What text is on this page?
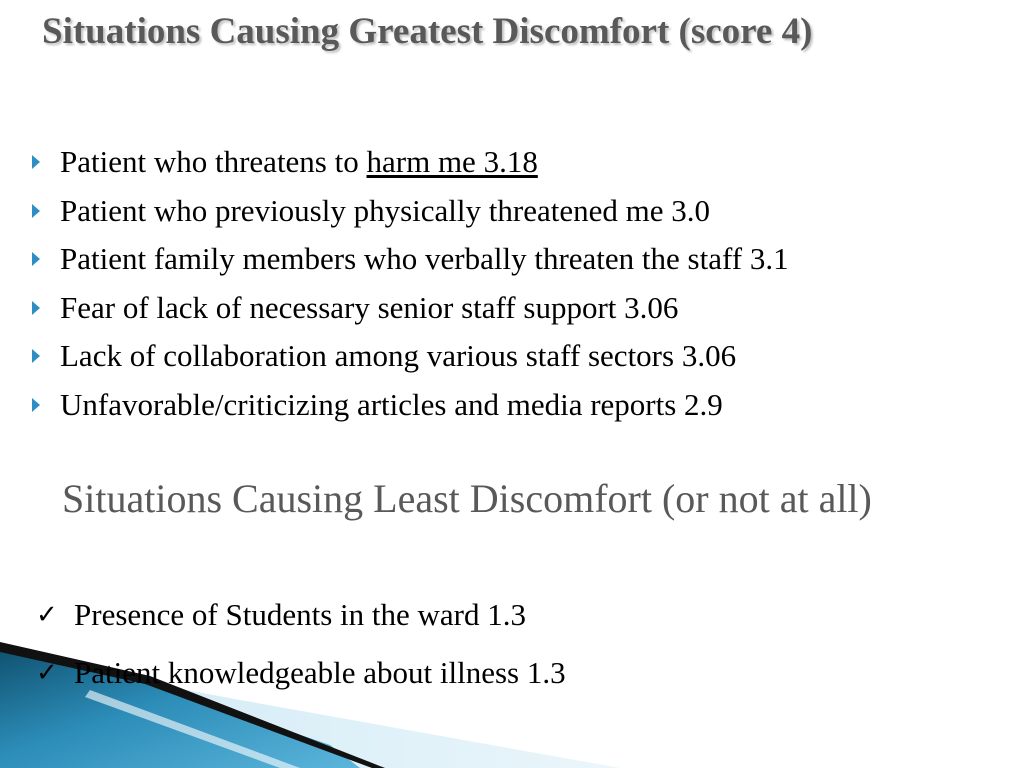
Situations Causing Greatest Discomfort (score 4)
Patient who threatens to harm me 3.18
Patient who previously physically threatened me 3.0
Patient family members who verbally threaten the staff 3.1
Fear of lack of necessary senior staff support 3.06
Lack of collaboration among various staff sectors 3.06
Unfavorable/criticizing articles and media reports 2.9
Situations Causing Least Discomfort (or not at all)
✓ Presence of Students in the ward 1.3
✓ Patient knowledgeable about illness 1.3
